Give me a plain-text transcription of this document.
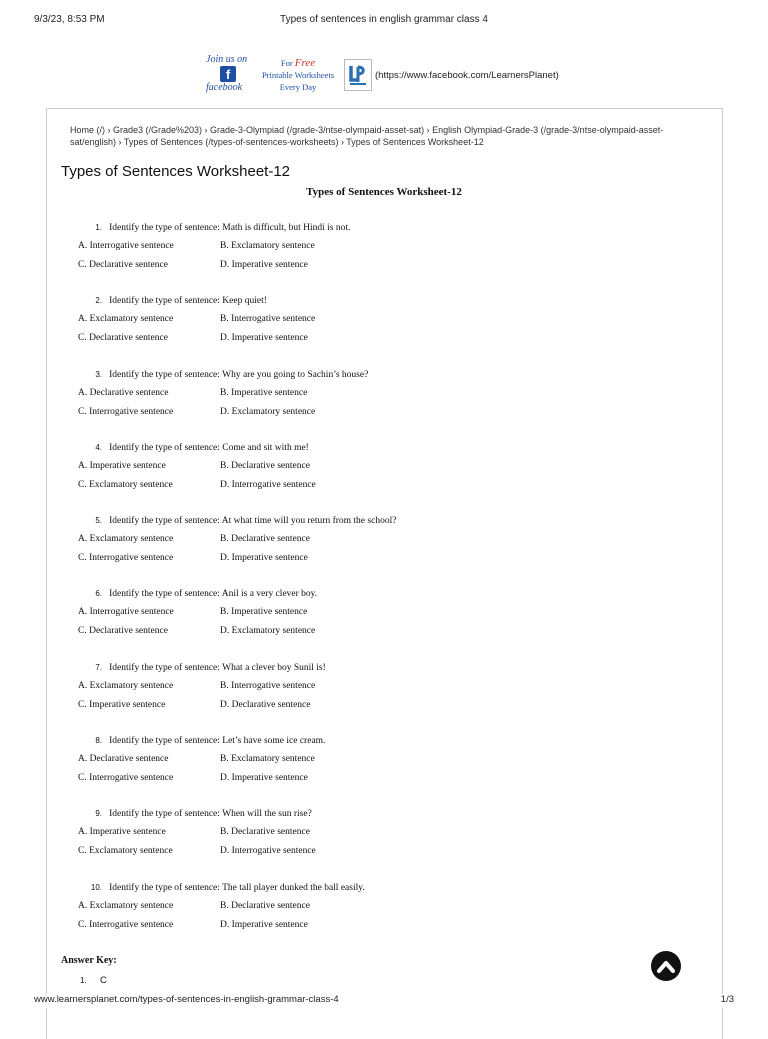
9/3/23, 8:53 PM	Types of sentences in english grammar class 4
Join us on
f
facebook
For Free
Printable Worksheets
Every Day
(https://www.facebook.com/LearnersPlanet)
Home (/) › Grade3 (/Grade%203) › Grade-3-Olympiad (/grade-3/ntse-olympaid-asset-sat) › English Olympiad-Grade-3 (/grade-3/ntse-olympaid-asset-sat/english) › Types of Sentences (/types-of-sentences-worksheets) › Types of Sentences Worksheet-12
Types of Sentences Worksheet-12
Types of Sentences Worksheet-12
1. Identify the type of sentence: Math is difficult, but Hindi is not.
A. Interrogative sentence	B. Exclamatory sentence
C. Declarative sentence	D. Imperative sentence
2. Identify the type of sentence: Keep quiet!
A. Exclamatory sentence	B. Interrogative sentence
C. Declarative sentence	D. Imperative sentence
3. Identify the type of sentence: Why are you going to Sachin’s house?
A. Declarative sentence	B. Imperative sentence
C. Interrogative sentence	D. Exclamatory sentence
4. Identify the type of sentence: Come and sit with me!
A. Imperative sentence	B. Declarative sentence
C. Exclamatory sentence	D. Interrogative sentence
5. Identify the type of sentence: At what time will you return from the school?
A. Exclamatory sentence	B. Declarative sentence
C. Interrogative sentence	D. Imperative sentence
6. Identify the type of sentence: Anil is a very clever boy.
A. Interrogative sentence	B. Imperative sentence
C. Declarative sentence	D. Exclamatory sentence
7. Identify the type of sentence: What a clever boy Sunil is!
A. Exclamatory sentence	B. Interrogative sentence
C. Imperative sentence	D. Declarative sentence
8. Identify the type of sentence: Let’s have some ice cream.
A. Declarative sentence	B. Exclamatory sentence
C. Interrogative sentence	D. Imperative sentence
9. Identify the type of sentence: When will the sun rise?
A. Imperative sentence	B. Declarative sentence
C. Exclamatory sentence	D. Interrogative sentence
10. Identify the type of sentence: The tall player dunked the ball easily.
A. Exclamatory sentence	B. Declarative sentence
C. Interrogative sentence	D. Imperative sentence
Answer Key:
1. C
www.learnersplanet.com/types-of-sentences-in-english-grammar-class-4	1/3
